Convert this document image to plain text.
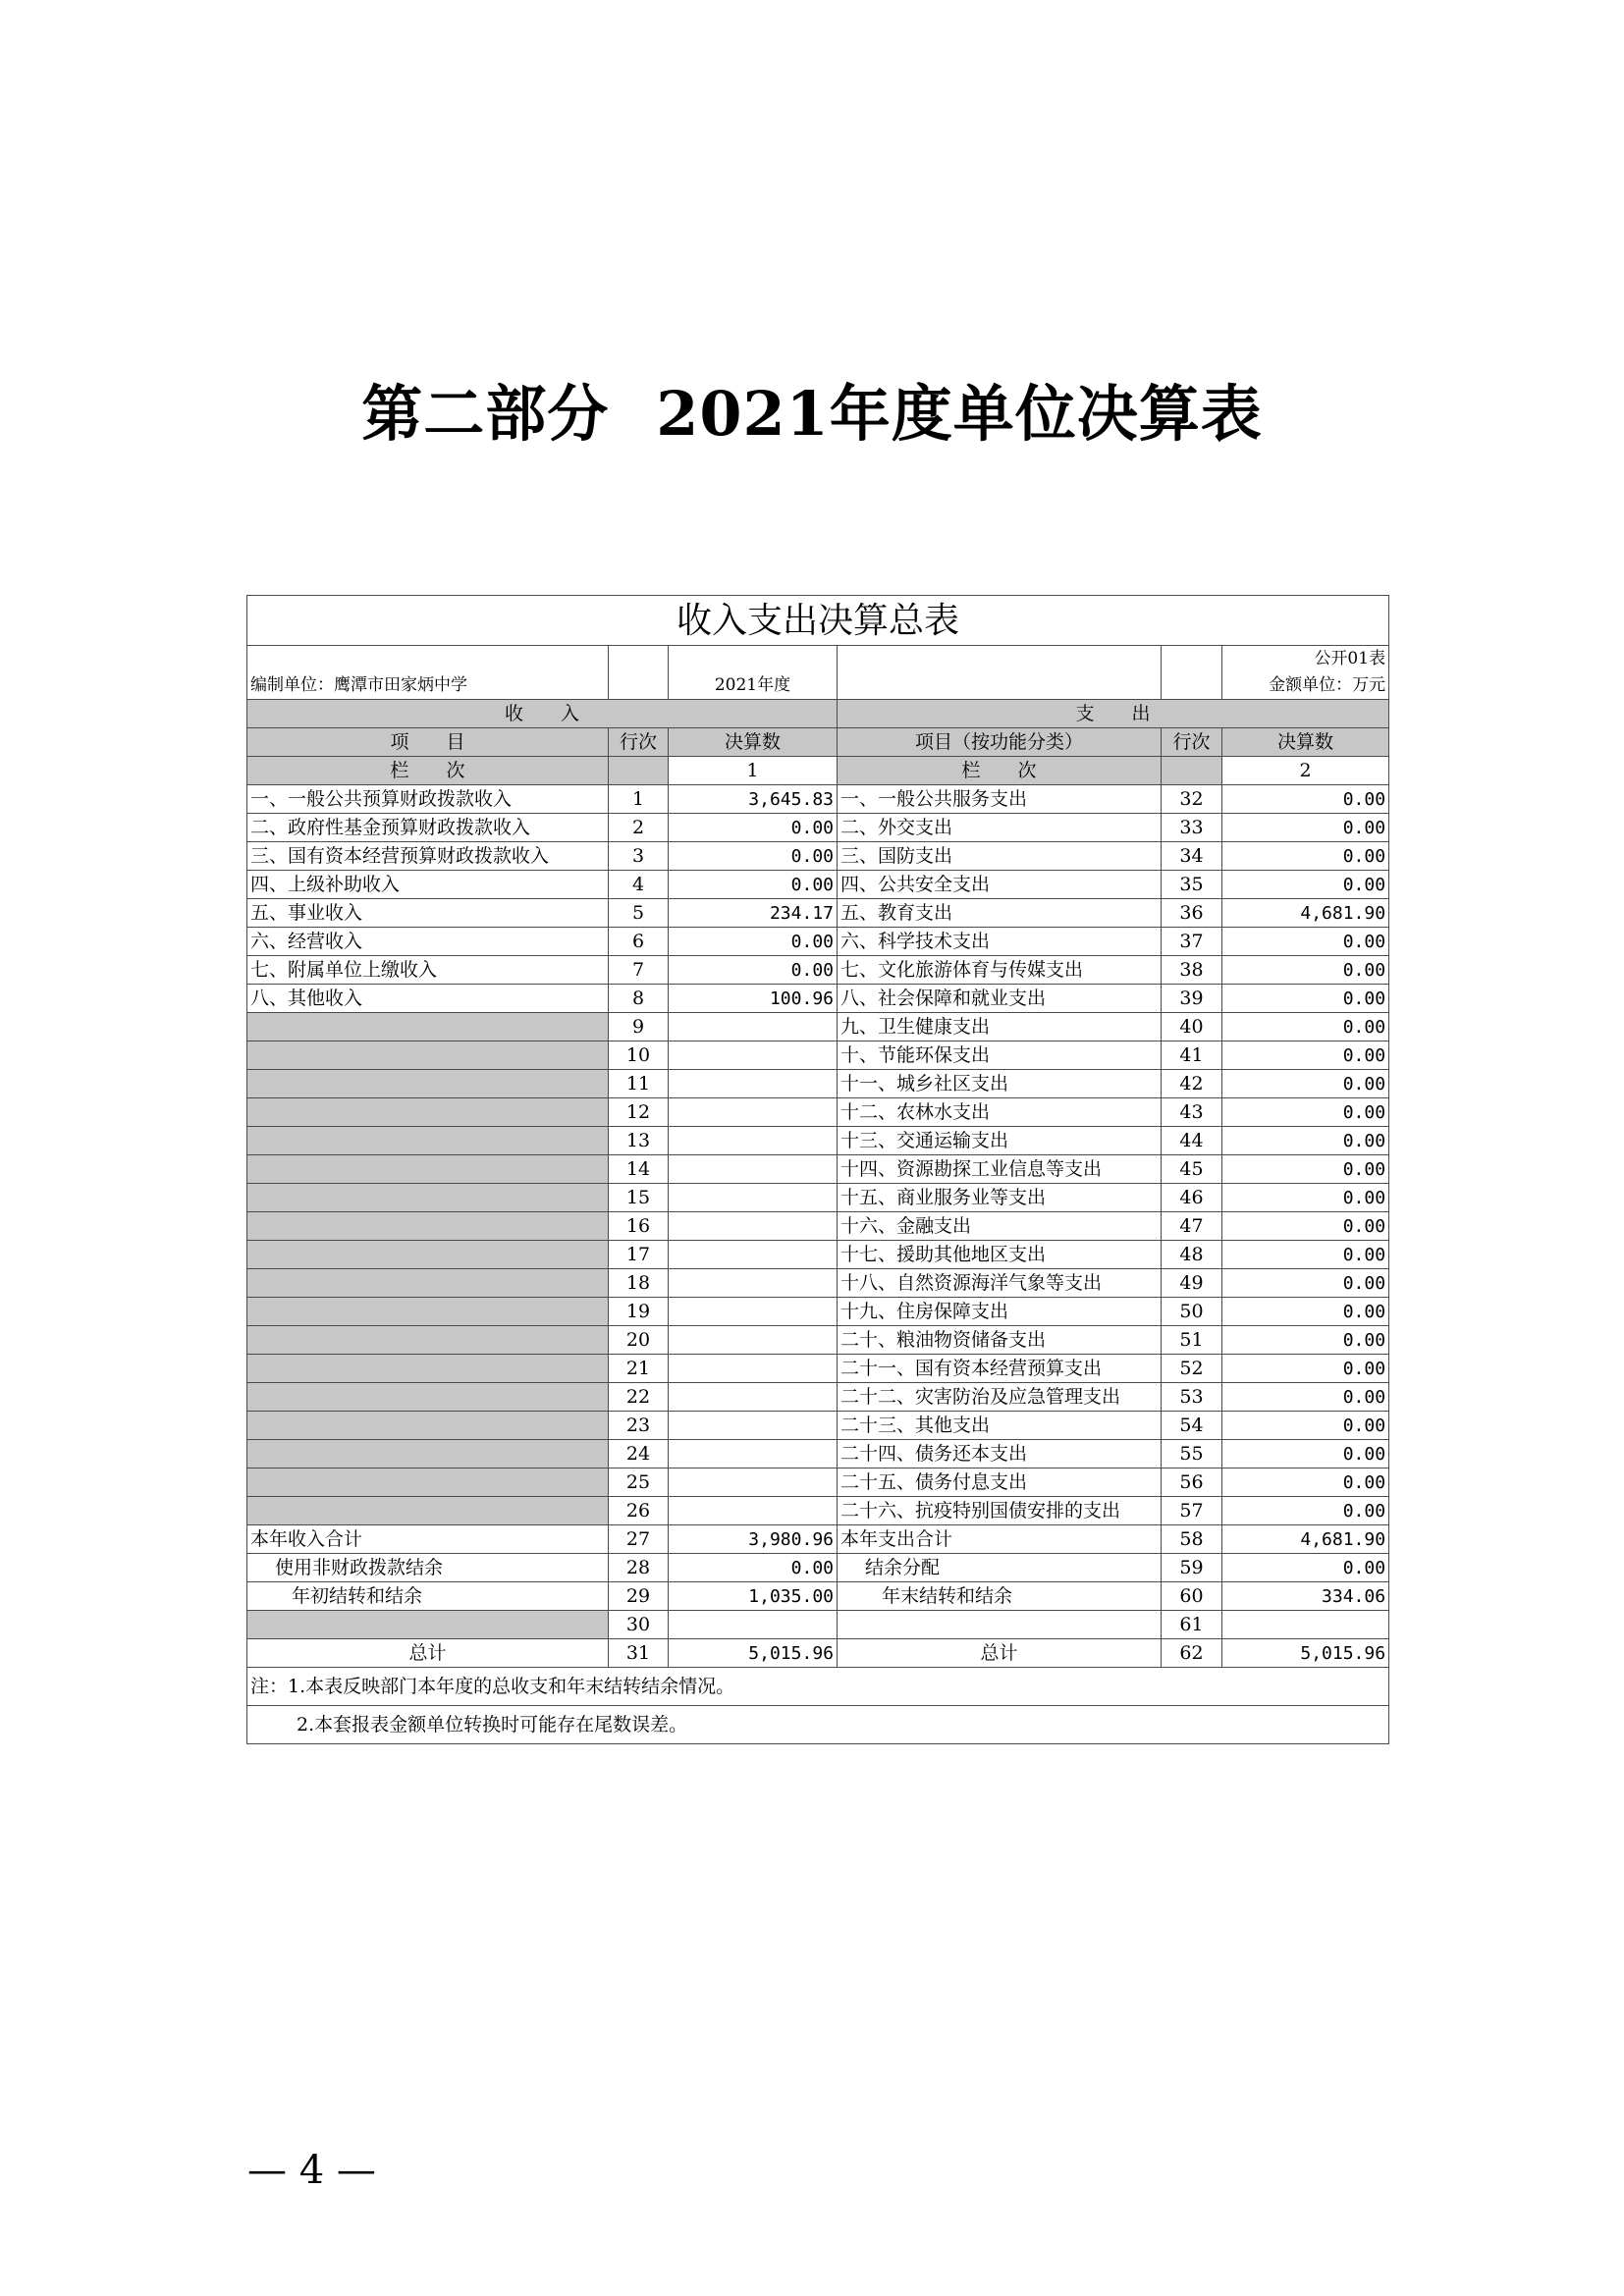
第二部分 2021年度单位决算表
收入支出决算总表					
					公开01表
编制单位：鹰潭市田家炳中学		2021年度			金额单位：万元
收　　入			支　　出		
项　　目	行次	决算数	项目（按功能分类）	行次	决算数
栏　　次		1	栏　　次		2
一、一般公共预算财政拨款收入	1	3,645.83	一、一般公共服务支出	32	0.00
二、政府性基金预算财政拨款收入	2	0.00	二、外交支出	33	0.00
三、国有资本经营预算财政拨款收入	3	0.00	三、国防支出	34	0.00
四、上级补助收入	4	0.00	四、公共安全支出	35	0.00
五、事业收入	5	234.17	五、教育支出	36	4,681.90
六、经营收入	6	0.00	六、科学技术支出	37	0.00
七、附属单位上缴收入	7	0.00	七、文化旅游体育与传媒支出	38	0.00
八、其他收入	8	100.96	八、社会保障和就业支出	39	0.00
	9		九、卫生健康支出	40	0.00
	10		十、节能环保支出	41	0.00
	11		十一、城乡社区支出	42	0.00
	12		十二、农林水支出	43	0.00
	13		十三、交通运输支出	44	0.00
	14		十四、资源勘探工业信息等支出	45	0.00
	15		十五、商业服务业等支出	46	0.00
	16		十六、金融支出	47	0.00
	17		十七、援助其他地区支出	48	0.00
	18		十八、自然资源海洋气象等支出	49	0.00
	19		十九、住房保障支出	50	0.00
	20		二十、粮油物资储备支出	51	0.00
	21		二十一、国有资本经营预算支出	52	0.00
	22		二十二、灾害防治及应急管理支出	53	0.00
	23		二十三、其他支出	54	0.00
	24		二十四、债务还本支出	55	0.00
	25		二十五、债务付息支出	56	0.00
	26		二十六、抗疫特别国债安排的支出	57	0.00
本年收入合计	27	3,980.96	本年支出合计	58	4,681.90
使用非财政拨款结余	28	0.00	结余分配	59	0.00
年初结转和结余	29	1,035.00	年末结转和结余	60	334.06
	30			61	
总计	31	5,015.96	总计	62	5,015.96
注：1.本表反映部门本年度的总收支和年末结转结余情况。					
2.本套报表金额单位转换时可能存在尾数误差。					
— 4 —
